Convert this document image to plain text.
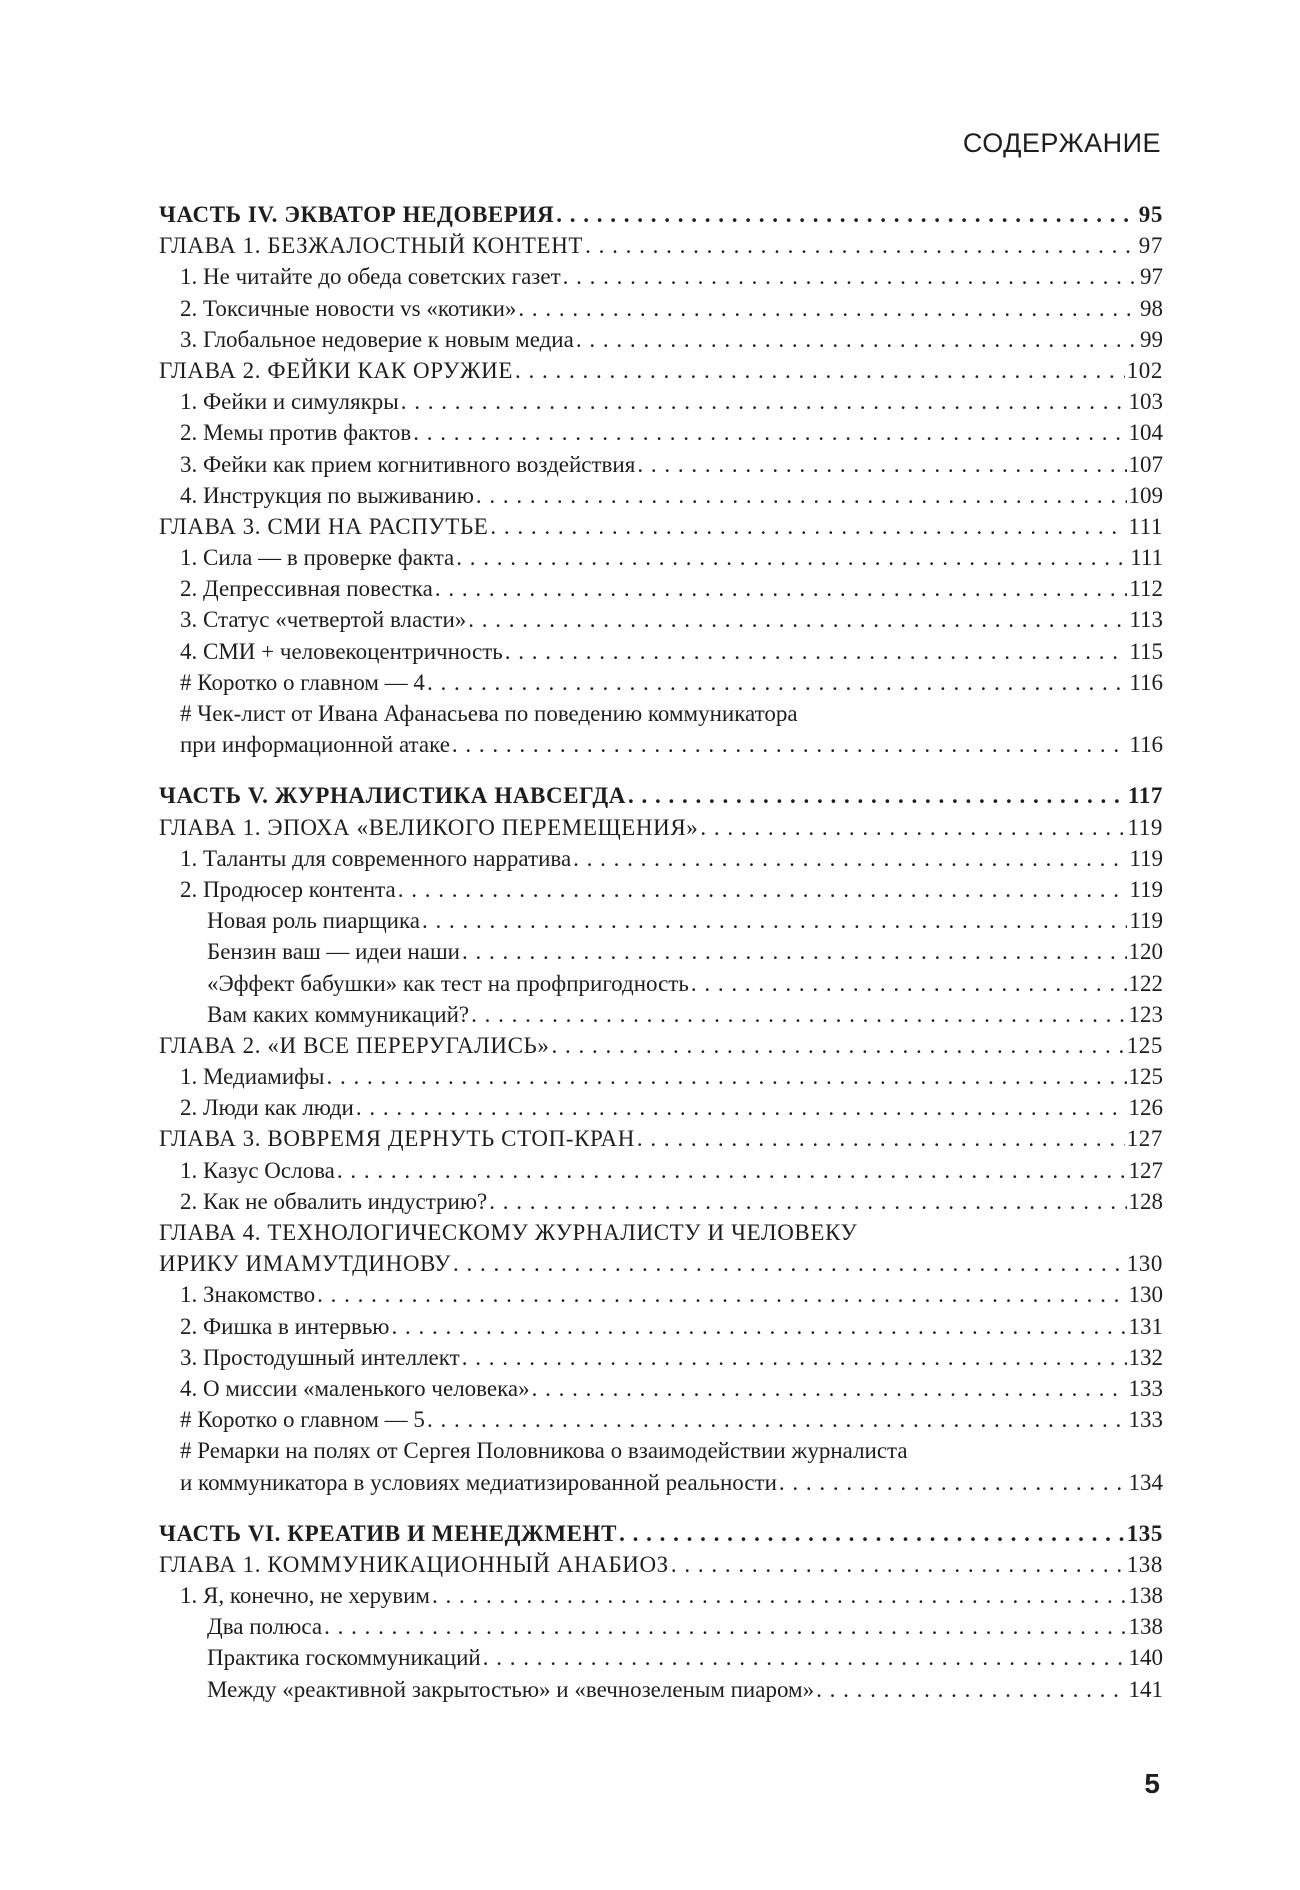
СОДЕРЖАНИЕ
ЧАСТЬ IV. ЭКВАТОР НЕДОВЕРИЯ . . .	95
ГЛАВА 1. БЕЗЖАЛОСТНЫЙ КОНТЕНТ . . .	97
1. Не читайте до обеда советских газет . . .	97
2. Токсичные новости vs «котики» . . .	98
3. Глобальное недоверие к новым медиа . . .	99
ГЛАВА 2. ФЕЙКИ КАК ОРУЖИЕ . . .	102
1. Фейки и симулякры . . .	103
2. Мемы против фактов . . .	104
3. Фейки как прием когнитивного воздействия . . .	107
4. Инструкция по выживанию . . .	109
ГЛАВА 3. СМИ НА РАСПУТЬЕ . . .	111
1. Сила — в проверке факта . . .	111
2. Депрессивная повестка . . .	112
3. Статус «четвертой власти» . . .	113
4. СМИ + человекоцентричность . . .	115
# Коротко о главном — 4 . . .	116
# Чек-лист от Ивана Афанасьева по поведению коммуникатора
при информационной атаке . . .	116
ЧАСТЬ V. ЖУРНАЛИСТИКА НАВСЕГДА . . .	117
ГЛАВА 1. ЭПОХА «ВЕЛИКОГО ПЕРЕМЕЩЕНИЯ» . . .	119
1. Таланты для современного нарратива . . .	119
2. Продюсер контента . . .	119
Новая роль пиарщика . . .	119
Бензин ваш — идеи наши . . .	120
«Эффект бабушки» как тест на профпригодность . . .	122
Вам каких коммуникаций? . . .	123
ГЛАВА 2. «И ВСЕ ПЕРЕРУГАЛИСЬ» . . .	125
1. Медиамифы . . .	125
2. Люди как люди . . .	126
ГЛАВА 3. ВОВРЕМЯ ДЕРНУТЬ СТОП-КРАН . . .	127
1. Казус Ослова . . .	127
2. Как не обвалить индустрию? . . .	128
ГЛАВА 4. ТЕХНОЛОГИЧЕСКОМУ ЖУРНАЛИСТУ И ЧЕЛОВЕКУ
ИРИКУ ИМАМУТДИНОВУ . . .	130
1. Знакомство . . .	130
2. Фишка в интервью . . .	131
3. Простодушный интеллект . . .	132
4. О миссии «маленького человека» . . .	133
# Коротко о главном — 5 . . .	133
# Ремарки на полях от Сергея Половникова о взаимодействии журналиста
и коммуникатора в условиях медиатизированной реальности . . .	134
ЧАСТЬ VI. КРЕАТИВ И МЕНЕДЖМЕНТ . . .	135
ГЛАВА 1. КОММУНИКАЦИОННЫЙ АНАБИОЗ . . .	138
1. Я, конечно, не херувим . . .	138
Два полюса . . .	138
Практика госкоммуникаций . . .	140
Между «реактивной закрытостью» и «вечнозеленым пиаром» . . .	141
5
